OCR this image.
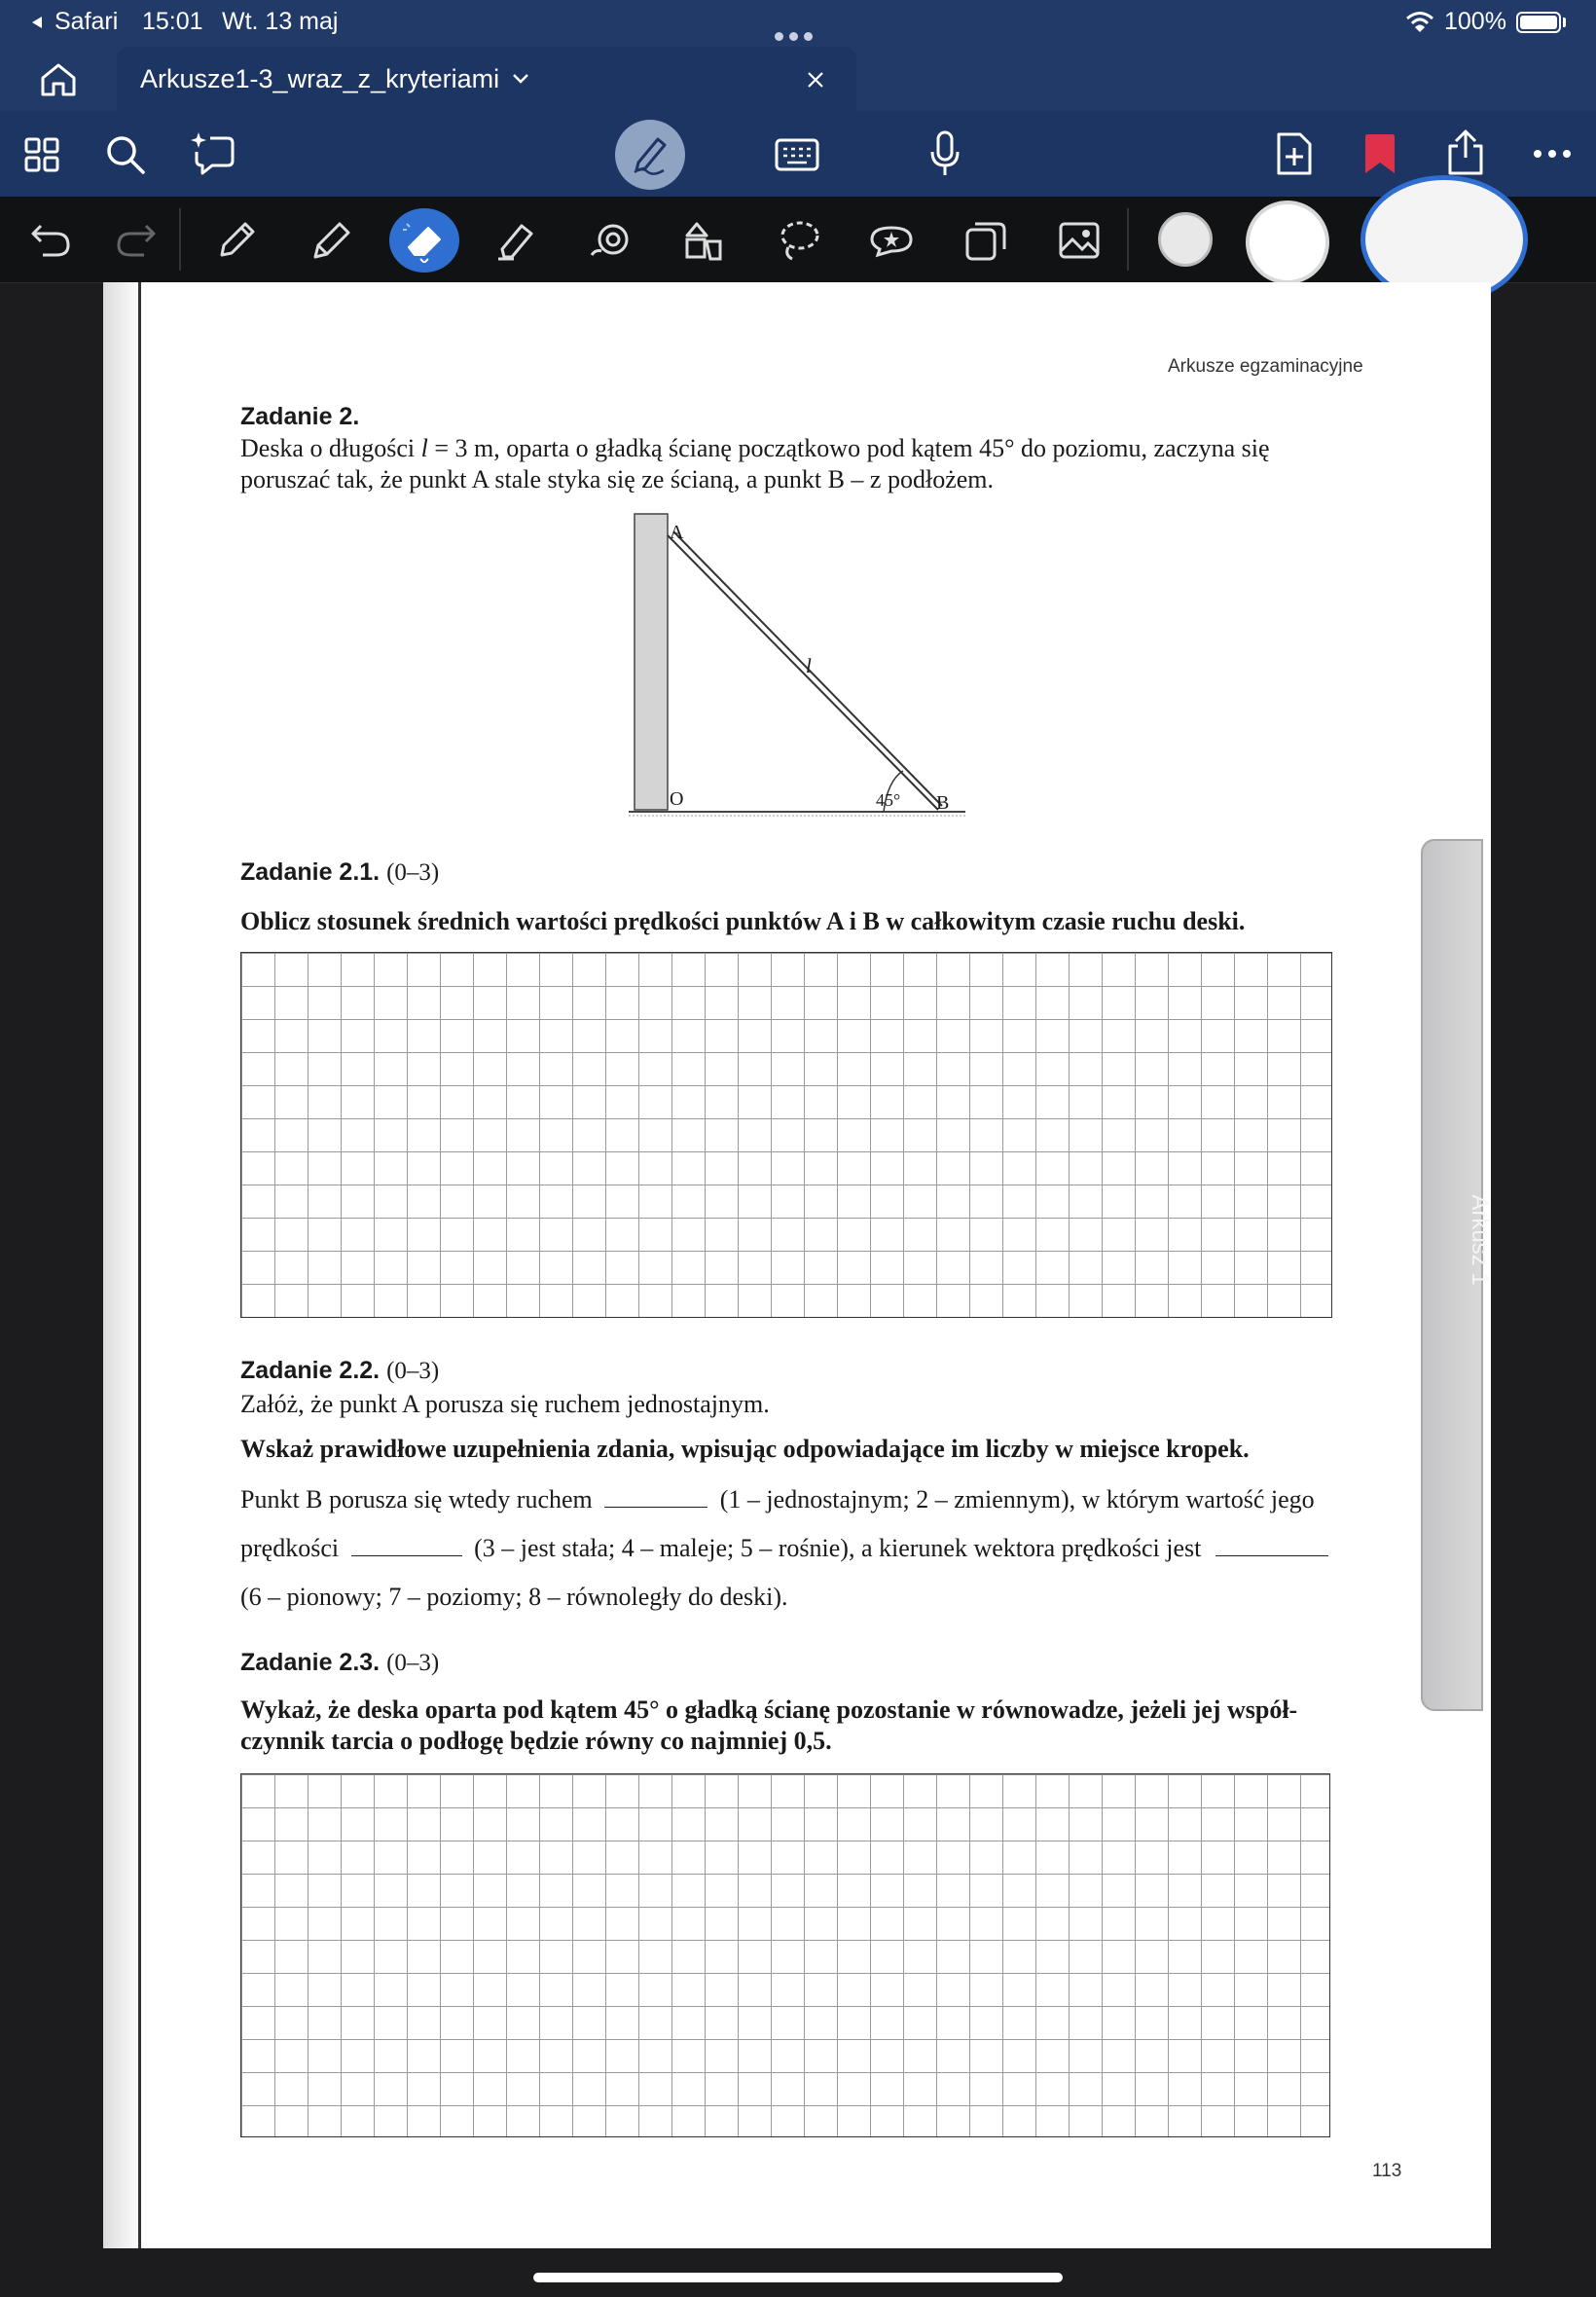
Safari 15:01 Wt. 13 maj	100%
Arkusze1-3_wraz_z_kryteriami
Arkusze egzaminacyjne
Zadanie 2.
Deska o długości l = 3 m, oparta o gładką ścianę początkowo pod kątem 45° do poziomu, zaczyna się
poruszać tak, że punkt A stale styka się ze ścianą, a punkt B – z podłożem.
A
l
O	45° B
Zadanie 2.1. (0–3)
Oblicz stosunek średnich wartości prędkości punktów A i B w całkowitym czasie ruchu deski.
Zadanie 2.2. (0–3)
Załóż, że punkt A porusza się ruchem jednostajnym.
Wskaż prawidłowe uzupełnienia zdania, wpisując odpowiadające im liczby w miejsce kropek.
Punkt B porusza się wtedy ruchem	(1 – jednostajnym; 2 – zmiennym), w którym wartość jego
prędkości	(3 – jest stała; 4 – maleje; 5 – rośnie), a kierunek wektora prędkości jest
(6 – pionowy; 7 – poziomy; 8 – równoległy do deski).
Zadanie 2.3. (0–3)
Wykaż, że deska oparta pod kątem 45° o gładką ścianę pozostanie w równowadze, jeżeli jej współ-
czynnik tarcia o podłogę będzie równy co najmniej 0,5.
113
Arkusz 1
